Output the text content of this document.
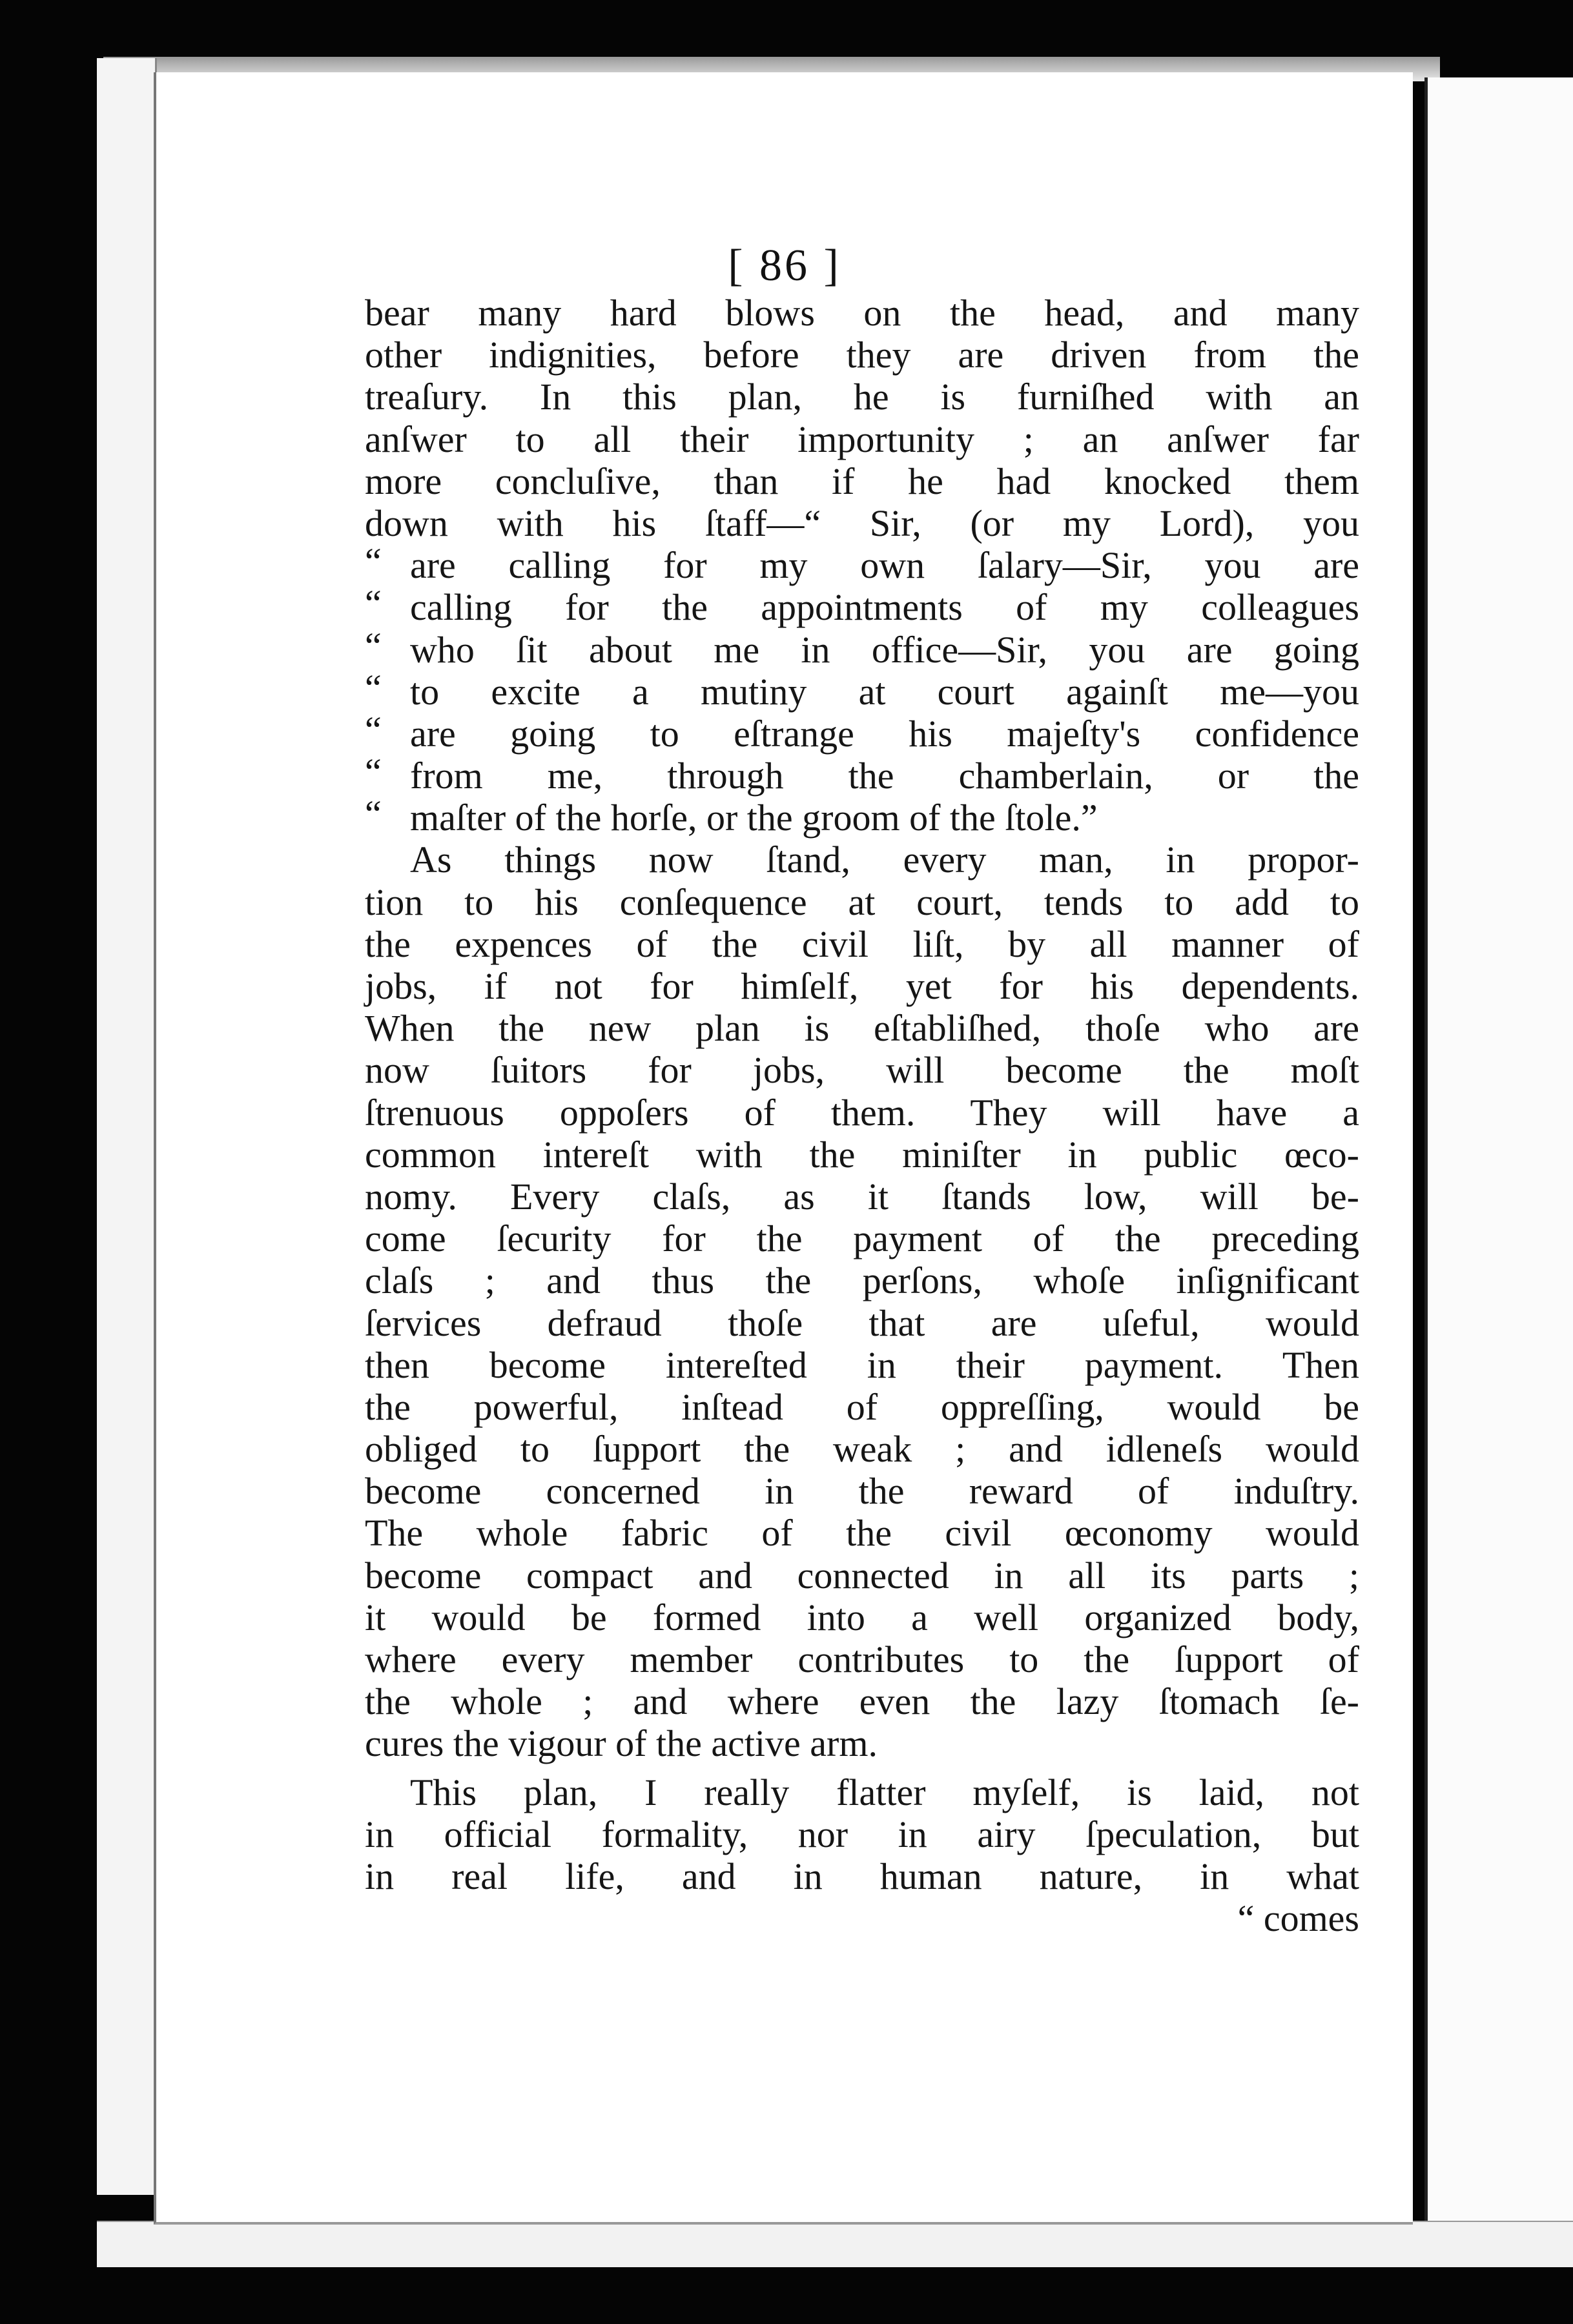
[ 86 ]
bear many hard blows on the head, and many
other indignities, before they are driven from the
treaſury. In this plan, he is furniſhed with an
anſwer to all their importunity ; an anſwer far
more concluſive, than if he had knocked them
down with his ſtaff—“ Sir, (or my Lord), you
“ are calling for my own ſalary—Sir, you are
“ calling for the appointments of my colleagues
“ who ſit about me in office—Sir, you are going
“ to excite a mutiny at court againſt me—you
“ are going to eſtrange his majeſty's confidence
“ from me, through the chamberlain, or the
“ maſter of the horſe, or the groom of the ſtole.”
As things now ſtand, every man, in propor-
tion to his conſequence at court, tends to add to
the expences of the civil liſt, by all manner of
jobs, if not for himſelf, yet for his dependents.
When the new plan is eſtabliſhed, thoſe who are
now ſuitors for jobs, will become the moſt
ſtrenuous oppoſers of them. They will have a
common intereſt with the miniſter in public œco-
nomy. Every claſs, as it ſtands low, will be-
come ſecurity for the payment of the preceding
claſs ; and thus the perſons, whoſe inſignificant
ſervices defraud thoſe that are uſeful, would
then become intereſted in their payment. Then
the powerful, inſtead of oppreſſing, would be
obliged to ſupport the weak ; and idleneſs would
become concerned in the reward of induſtry.
The whole fabric of the civil œconomy would
become compact and connected in all its parts ;
it would be formed into a well organized body,
where every member contributes to the ſupport of
the whole ; and where even the lazy ſtomach ſe-
cures the vigour of the active arm.
This plan, I really flatter myſelf, is laid, not
in official formality, nor in airy ſpeculation, but
in real life, and in human nature, in what
“ comes
